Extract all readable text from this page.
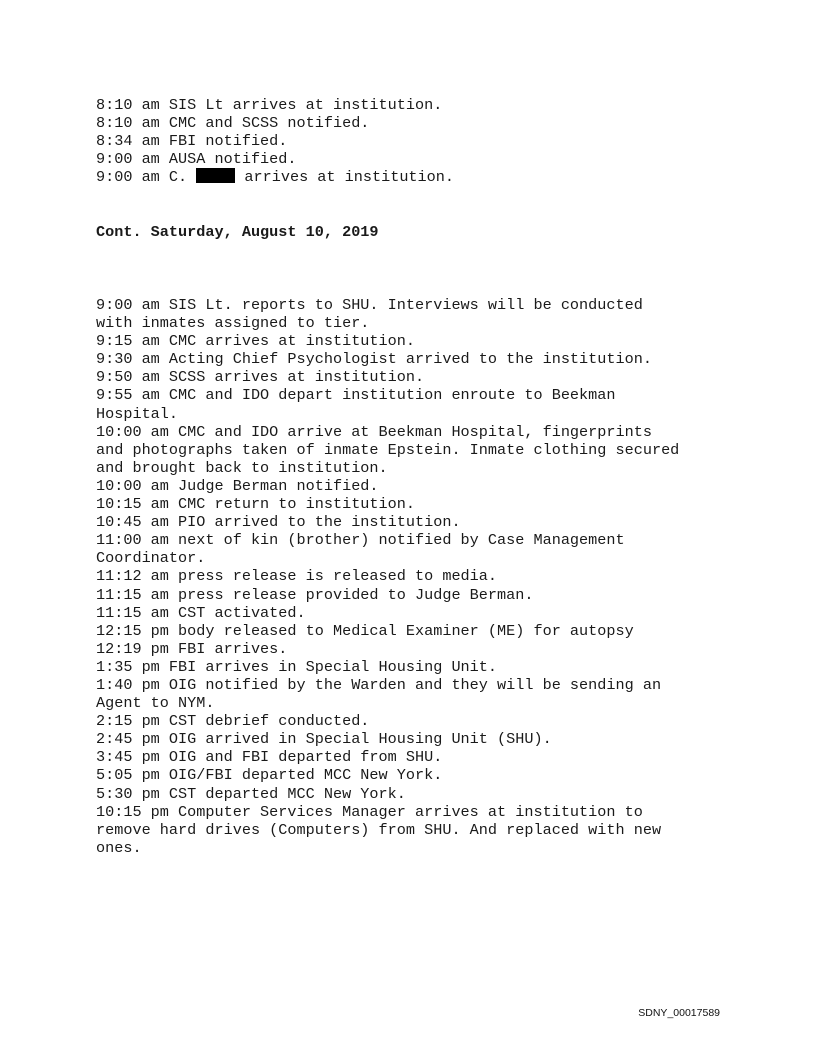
8:10 am SIS Lt arrives at institution.
8:10 am CMC and SCSS notified.
8:34 am FBI notified.
9:00 am AUSA notified.
9:00 am C.	arrives at institution.
Cont. Saturday, August 10, 2019
9:00 am SIS Lt. reports to SHU. Interviews will be conducted
with inmates assigned to tier.
9:15 am CMC arrives at institution.
9:30 am Acting Chief Psychologist arrived to the institution.
9:50 am SCSS arrives at institution.
9:55 am CMC and IDO depart institution enroute to Beekman
Hospital.
10:00 am CMC and IDO arrive at Beekman Hospital, fingerprints
and photographs taken of inmate Epstein. Inmate clothing secured
and brought back to institution.
10:00 am Judge Berman notified.
10:15 am CMC return to institution.
10:45 am PIO arrived to the institution.
11:00 am next of kin (brother) notified by Case Management
Coordinator.
11:12 am press release is released to media.
11:15 am press release provided to Judge Berman.
11:15 am CST activated.
12:15 pm body released to Medical Examiner (ME) for autopsy
12:19 pm FBI arrives.
1:35 pm FBI arrives in Special Housing Unit.
1:40 pm OIG notified by the Warden and they will be sending an
Agent to NYM.
2:15 pm CST debrief conducted.
2:45 pm OIG arrived in Special Housing Unit (SHU).
3:45 pm OIG and FBI departed from SHU.
5:05 pm OIG/FBI departed MCC New York.
5:30 pm CST departed MCC New York.
10:15 pm Computer Services Manager arrives at institution to
remove hard drives (Computers) from SHU. And replaced with new
ones.
SDNY_00017589
